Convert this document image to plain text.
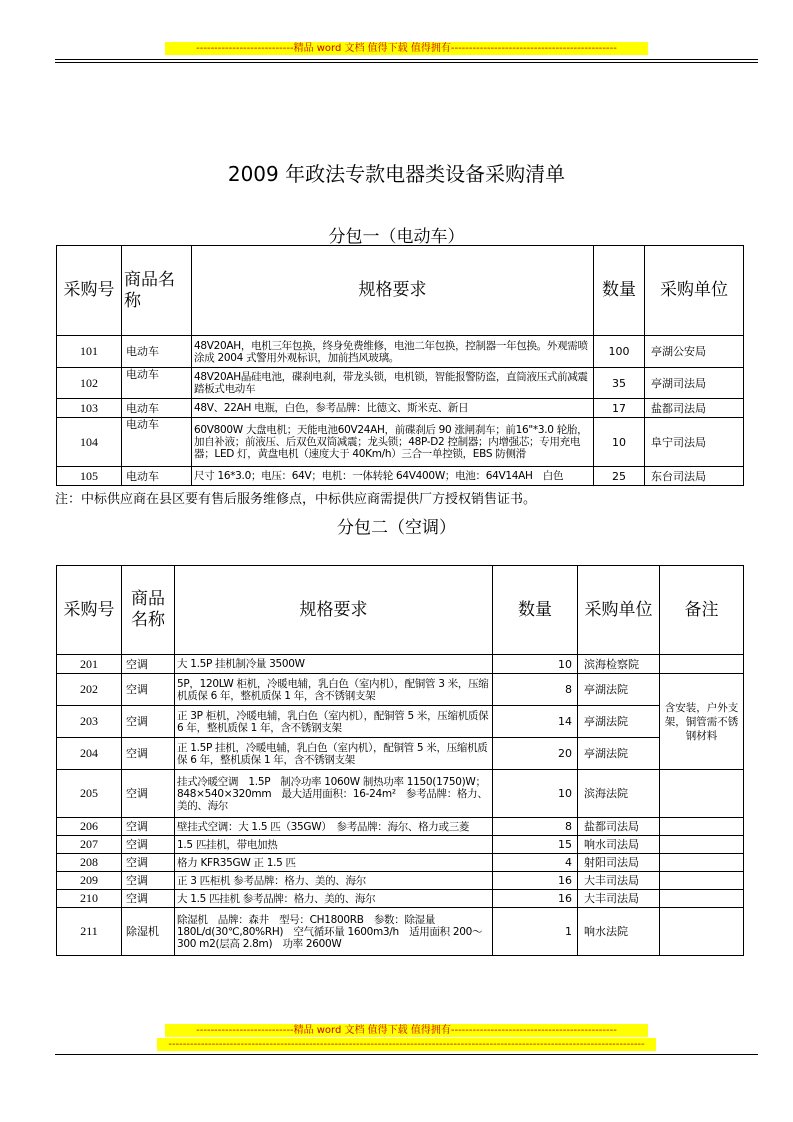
---------------------------精品 word 文档 值得下载 值得拥有----------------------------------------------
2009 年政法专款电器类设备采购清单
分包一（电动车）
采购号	商品名称	规格要求	数量	采购单位
101	电动车	48V20AH，电机三年包换，终身免费维修，电池二年包换，控制器一年包换。外观需喷涂成 2004 式警用外观标识，加前挡风玻璃。	100	亭湖公安局
102	电动车	48V20AH晶硅电池，碟刹电刹，带龙头锁，电机锁，智能报警防盗，直筒液压式前减震 踏板式电动车	35	亭湖司法局
103	电动车	48V、22AH 电瓶，白色，参考品牌：比德文、斯米克、新日	17	盐都司法局
104	电动车	60V800W 大盘电机；天能电池60V24AH，前碟刹后 90 涨闸刹车；前16"*3.0 轮胎，加自补液；前液压、后双色双筒减震；龙头锁；48P-D2 控制器；内增强芯；专用充电器；LED 灯，黄盘电机（速度大于 40Km/h）三合一单控锁，EBS 防侧滑	10	阜宁司法局
105	电动车	尺寸 16*3.0；电压：64V；电机：一体转轮 64V400W；电池：64V14AH　白色	25	东台司法局
注：中标供应商在县区要有售后服务维修点，中标供应商需提供厂方授权销售证书。
分包二（空调）
采购号	商品名称	规格要求	数量	采购单位	备注
201	空调	大 1.5P 挂机制冷量 3500W	10	滨海检察院	
202	空调	5P，120LW 柜机，冷暖电辅，乳白色（室内机），配铜管 3 米，压缩机质保 6 年，整机质保 1 年，含不锈钢支架	8	亭湖法院	含安装，户外支架，铜管需不锈钢材料
203	空调	正 3P 柜机，冷暖电辅，乳白色（室内机），配铜管 5 米，压缩机质保 6 年，整机质保 1 年，含不锈钢支架	14	亭湖法院	
204	空调	正 1.5P 挂机，冷暖电辅，乳白色（室内机），配铜管 5 米，压缩机质保 6 年，整机质保 1 年，含不锈钢支架	20	亭湖法院	
205	空调	挂式冷暖空调　1.5P　制冷功率 1060W 制热功率 1150(1750)W；848×540×320mm　最大适用面积：16-24m²　参考品牌：格力、美的、海尔	10	滨海法院	
206	空调	壁挂式空调：大 1.5 匹（35GW）　参考品牌：海尔、格力或三菱	8	盐都司法局	
207	空调	1.5 匹挂机，带电加热	15	响水司法局	
208	空调	格力 KFR35GW 正 1.5 匹	4	射阳司法局	
209	空调	正 3 匹柜机 参考品牌：格力、美的、海尔	16	大丰司法局	
210	空调	大 1.5 匹挂机 参考品牌：格力、美的、海尔	16	大丰司法局	
211	除湿机	除湿机　品牌：森井　型号：CH1800RB　参数：除湿量 180L/d(30℃,80%RH)　空气循环量 1600m3/h　适用面积 200～300 m2(层高 2.8m)　功率 2600W	1	响水法院	
---------------------------精品 word 文档 值得下载 值得拥有----------------------------------------------
------------------------------------------------------------------------------------------------------------------------------------
